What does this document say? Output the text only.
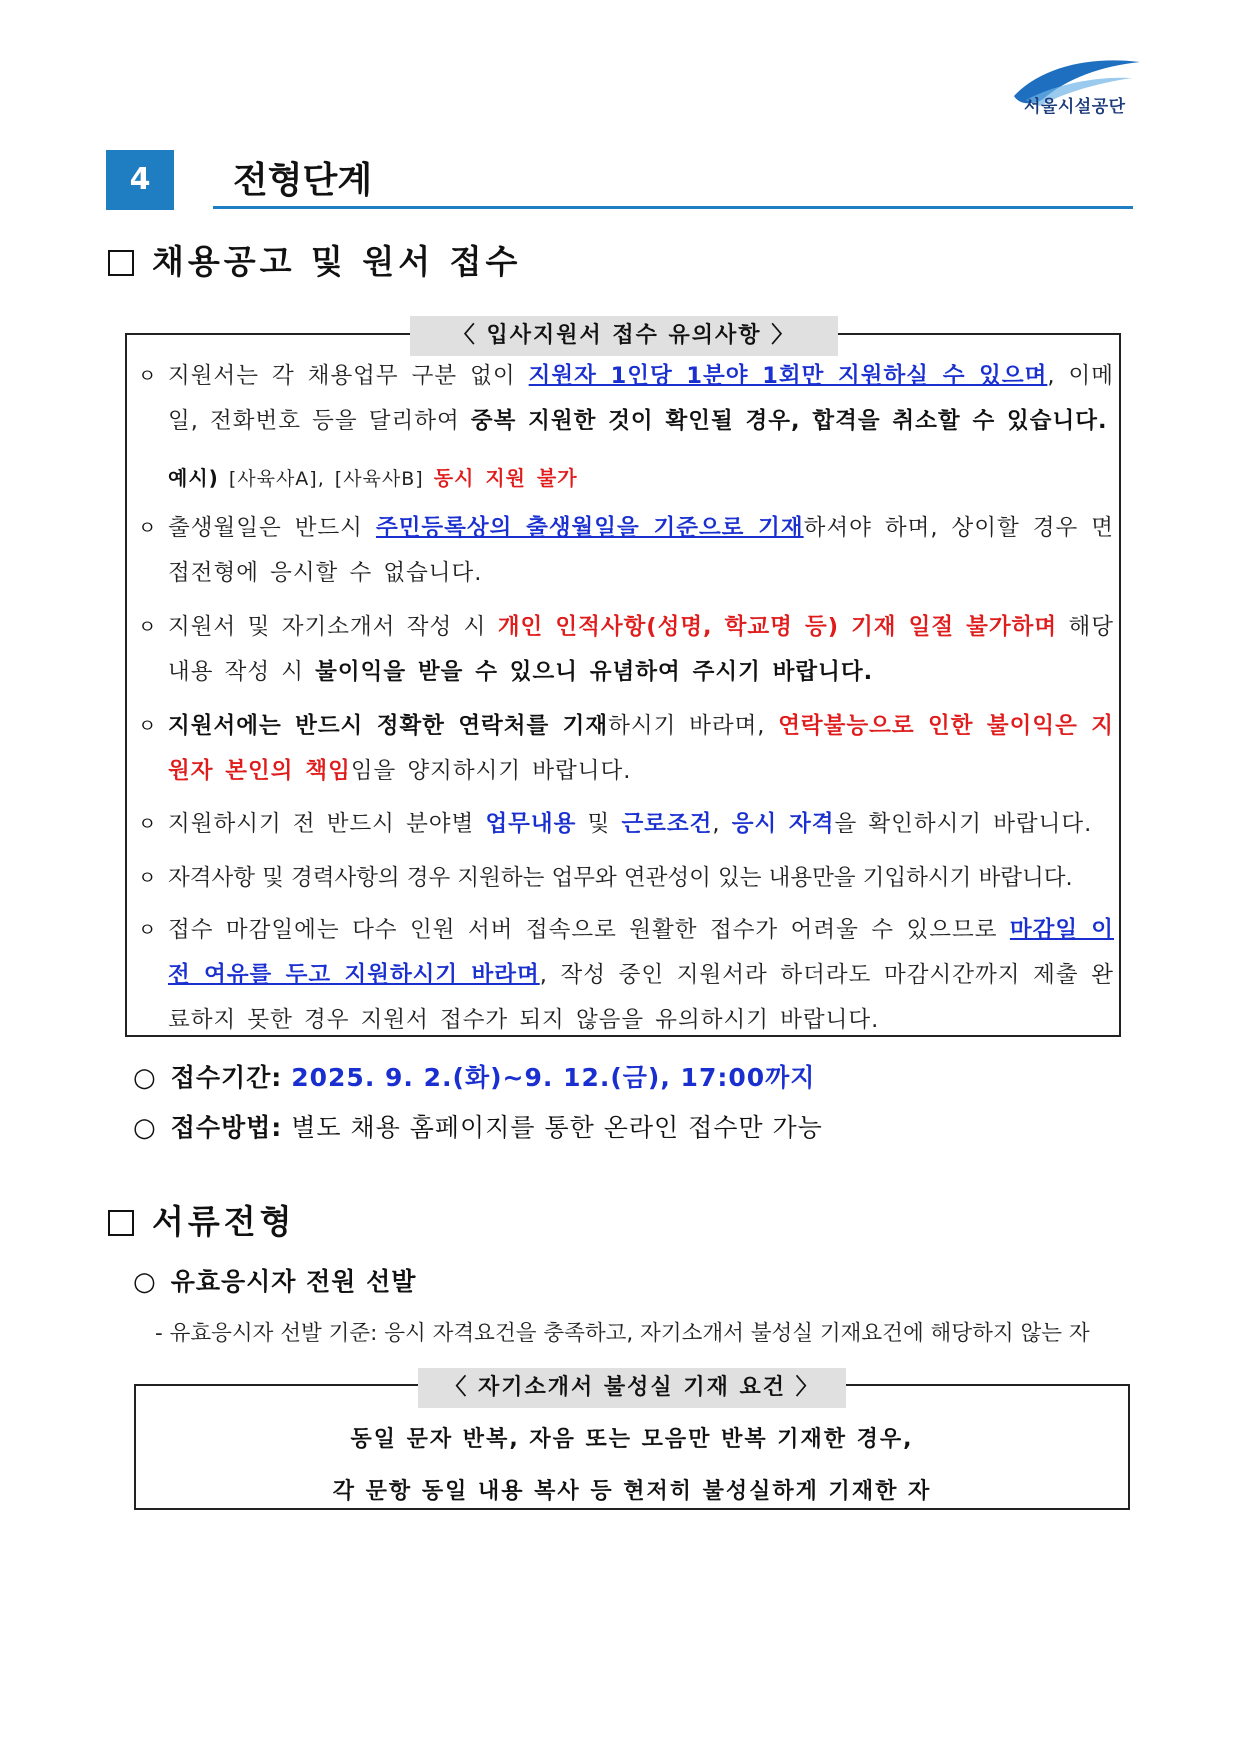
서울시설공단
4	전형단계
채용공고 및 원서 접수
〈 입사지원서 접수 유의사항 〉
ㅇ 지원서는 각 채용업무 구분 없이 지원자 1인당 1분야 1회만 지원하실 수 있으며, 이메일, 전화번호 등을 달리하여 중복 지원한 것이 확인될 경우, 합격을 취소할 수 있습니다.
예시) [사육사A], [사육사B] 동시 지원 불가
ㅇ 출생월일은 반드시 주민등록상의 출생월일을 기준으로 기재하셔야 하며, 상이할 경우 면접전형에 응시할 수 없습니다.
ㅇ 지원서 및 자기소개서 작성 시 개인 인적사항(성명, 학교명 등) 기재 일절 불가하며 해당 내용 작성 시 불이익을 받을 수 있으니 유념하여 주시기 바랍니다.
ㅇ 지원서에는 반드시 정확한 연락처를 기재하시기 바라며, 연락불능으로 인한 불이익은 지원자 본인의 책임임을 양지하시기 바랍니다.
ㅇ 지원하시기 전 반드시 분야별 업무내용 및 근로조건, 응시 자격을 확인하시기 바랍니다.
ㅇ 자격사항 및 경력사항의 경우 지원하는 업무와 연관성이 있는 내용만을 기입하시기 바랍니다.
ㅇ 접수 마감일에는 다수 인원 서버 접속으로 원활한 접수가 어려울 수 있으므로 마감일 이전 여유를 두고 지원하시기 바라며, 작성 중인 지원서라 하더라도 마감시간까지 제출 완료하지 못한 경우 지원서 접수가 되지 않음을 유의하시기 바랍니다.
○ 접수기간: 2025. 9. 2.(화)~9. 12.(금), 17:00까지
○ 접수방법: 별도 채용 홈페이지를 통한 온라인 접수만 가능
서류전형
○ 유효응시자 전원 선발
- 유효응시자 선발 기준: 응시 자격요건을 충족하고, 자기소개서 불성실 기재요건에 해당하지 않는 자
〈 자기소개서 불성실 기재 요건 〉
동일 문자 반복, 자음 또는 모음만 반복 기재한 경우,
각 문항 동일 내용 복사 등 현저히 불성실하게 기재한 자
